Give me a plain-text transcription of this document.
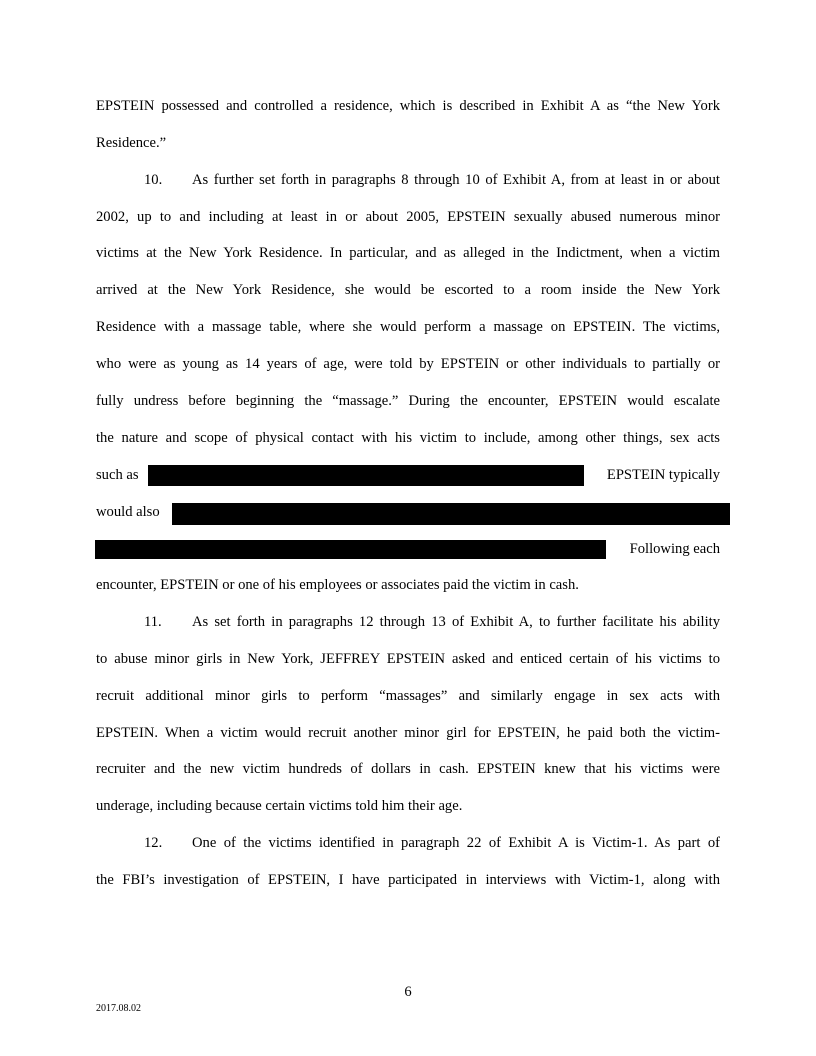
EPSTEIN possessed and controlled a residence, which is described in Exhibit A as “the New York
Residence.”
10. As further set forth in paragraphs 8 through 10 of Exhibit A, from at least in or about
2002, up to and including at least in or about 2005, EPSTEIN sexually abused numerous minor
victims at the New York Residence. In particular, and as alleged in the Indictment, when a victim
arrived at the New York Residence, she would be escorted to a room inside the New York
Residence with a massage table, where she would perform a massage on EPSTEIN. The victims,
who were as young as 14 years of age, were told by EPSTEIN or other individuals to partially or
fully undress before beginning the “massage.” During the encounter, EPSTEIN would escalate
the nature and scope of physical contact with his victim to include, among other things, sex acts
such as	EPSTEIN typically
would also
Following each
encounter, EPSTEIN or one of his employees or associates paid the victim in cash.
11. As set forth in paragraphs 12 through 13 of Exhibit A, to further facilitate his ability
to abuse minor girls in New York, JEFFREY EPSTEIN asked and enticed certain of his victims to
recruit additional minor girls to perform “massages” and similarly engage in sex acts with
EPSTEIN. When a victim would recruit another minor girl for EPSTEIN, he paid both the victim-
recruiter and the new victim hundreds of dollars in cash. EPSTEIN knew that his victims were
underage, including because certain victims told him their age.
12. One of the victims identified in paragraph 22 of Exhibit A is Victim-1. As part of
the FBI’s investigation of EPSTEIN, I have participated in interviews with Victim-1, along with
6
2017.08.02
